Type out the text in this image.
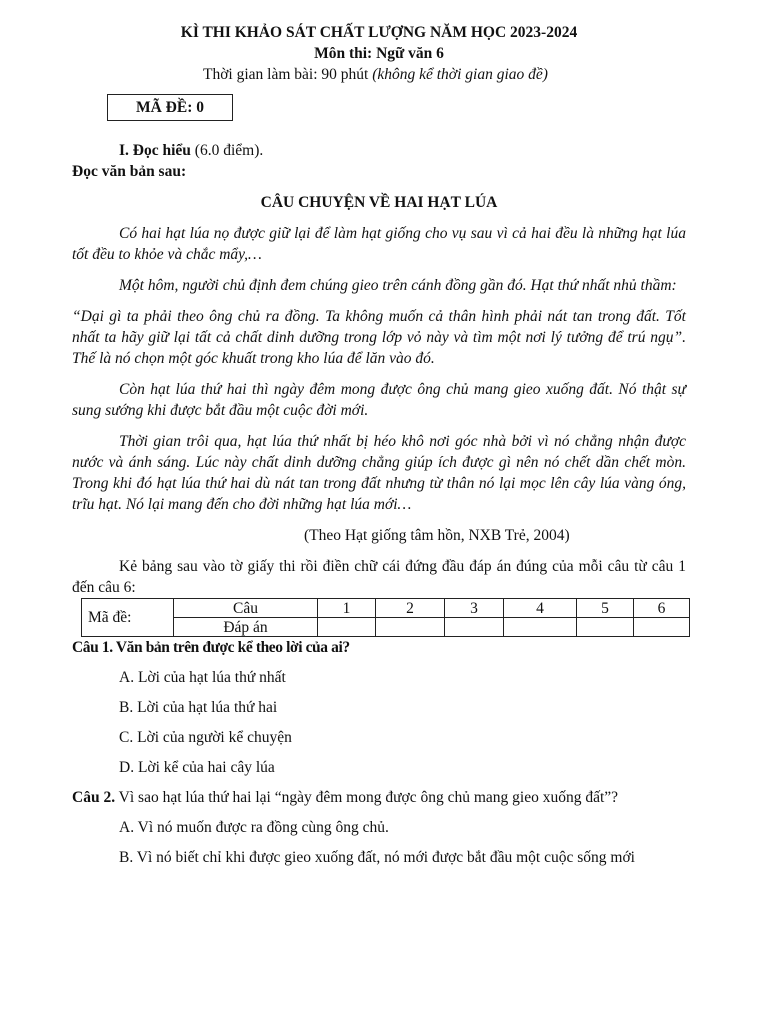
KÌ THI KHẢO SÁT CHẤT LƯỢNG NĂM HỌC 2023-2024
Môn thi: Ngữ văn 6
Thời gian làm bài: 90 phút (không kể thời gian giao đề)
MÃ ĐỀ: 0

I. Đọc hiểu (6.0 điểm).

Đọc văn bản sau:

CÂU CHUYỆN VỀ HAI HẠT LÚA

Có hai hạt lúa nọ được giữ lại để làm hạt giống cho vụ sau vì cả hai đều là những hạt lúa tốt đều to khỏe và chắc mẩy,…

Một hôm, người chủ định đem chúng gieo trên cánh đồng gần đó. Hạt thứ nhất nhủ thầm:

“Dại gì ta phải theo ông chủ ra đồng. Ta không muốn cả thân hình phải nát tan trong đất. Tốt nhất ta hãy giữ lại tất cả chất dinh dưỡng trong lớp vỏ này và tìm một nơi lý tưởng để trú ngụ”. Thế là nó chọn một góc khuất trong kho lúa để lăn vào đó.

Còn hạt lúa thứ hai thì ngày đêm mong được ông chủ mang gieo xuống đất. Nó thật sự sung sướng khi được bắt đầu một cuộc đời mới.

Thời gian trôi qua, hạt lúa thứ nhất bị héo khô nơi góc nhà bởi vì nó chẳng nhận được nước và ánh sáng. Lúc này chất dinh dưỡng chẳng giúp ích được gì nên nó chết dần chết mòn. Trong khi đó hạt lúa thứ hai dù nát tan trong đất nhưng từ thân nó lại mọc lên cây lúa vàng óng, trĩu hạt. Nó lại mang đến cho đời những hạt lúa mới…

(Theo Hạt giống tâm hồn, NXB Trẻ, 2004)

Kẻ bảng sau vào tờ giấy thi rồi điền chữ cái đứng đầu đáp án đúng của mỗi câu từ câu 1 đến câu 6:

Mã đề:	Câu	1	2	3	4	5	6
	Đáp án						

Câu 1. Văn bản trên được kể theo lời của ai?

A. Lời của hạt lúa thứ nhất

B. Lời của hạt lúa thứ hai

C. Lời của người kể chuyện

D. Lời kể của hai cây lúa

Câu 2. Vì sao hạt lúa thứ hai lại “ngày đêm mong được ông chủ mang gieo xuống đất”?

A. Vì nó muốn được ra đồng cùng ông chủ.

B. Vì nó biết chỉ khi được gieo xuống đất, nó mới được bắt đầu một cuộc sống mới
